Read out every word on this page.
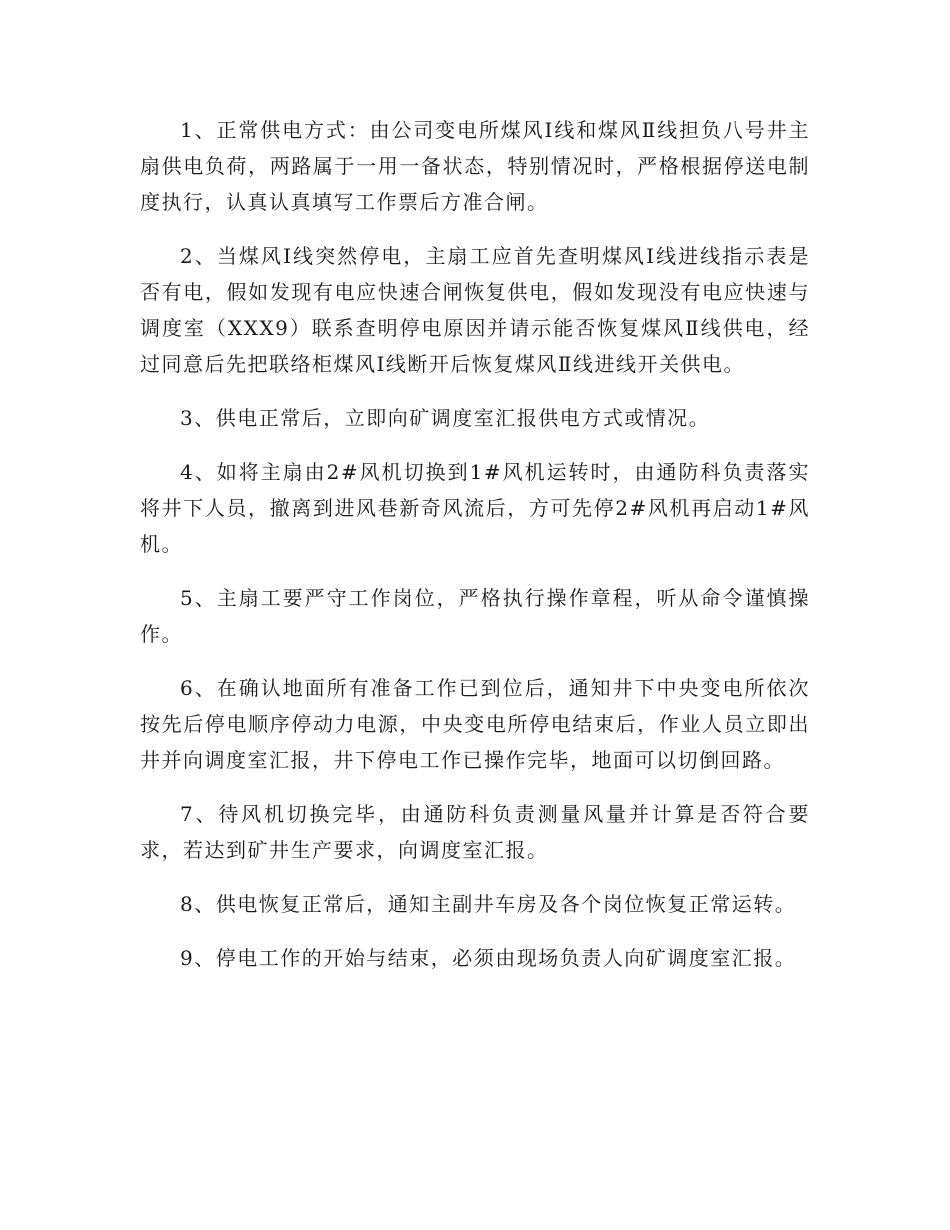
1、正常供电方式：由公司变电所煤风Ⅰ线和煤风Ⅱ线担负八号井主扇供电负荷，两路属于一用一备状态，特别情况时，严格根据停送电制度执行，认真认真填写工作票后方准合闸。

2、当煤风Ⅰ线突然停电，主扇工应首先查明煤风Ⅰ线进线指示表是否有电，假如发现有电应快速合闸恢复供电，假如发现没有电应快速与调度室（XXX9）联系查明停电原因并请示能否恢复煤风Ⅱ线供电，经过同意后先把联络柜煤风Ⅰ线断开后恢复煤风Ⅱ线进线开关供电。

3、供电正常后，立即向矿调度室汇报供电方式或情况。

4、如将主扇由2#风机切换到1#风机运转时，由通防科负责落实将井下人员，撤离到进风巷新奇风流后，方可先停2#风机再启动1#风机。

5、主扇工要严守工作岗位，严格执行操作章程，听从命令谨慎操作。

6、在确认地面所有准备工作已到位后，通知井下中央变电所依次按先后停电顺序停动力电源，中央变电所停电结束后，作业人员立即出井并向调度室汇报，井下停电工作已操作完毕，地面可以切倒回路。

7、待风机切换完毕，由通防科负责测量风量并计算是否符合要求，若达到矿井生产要求，向调度室汇报。

8、供电恢复正常后，通知主副井车房及各个岗位恢复正常运转。

9、停电工作的开始与结束，必须由现场负责人向矿调度室汇报。
